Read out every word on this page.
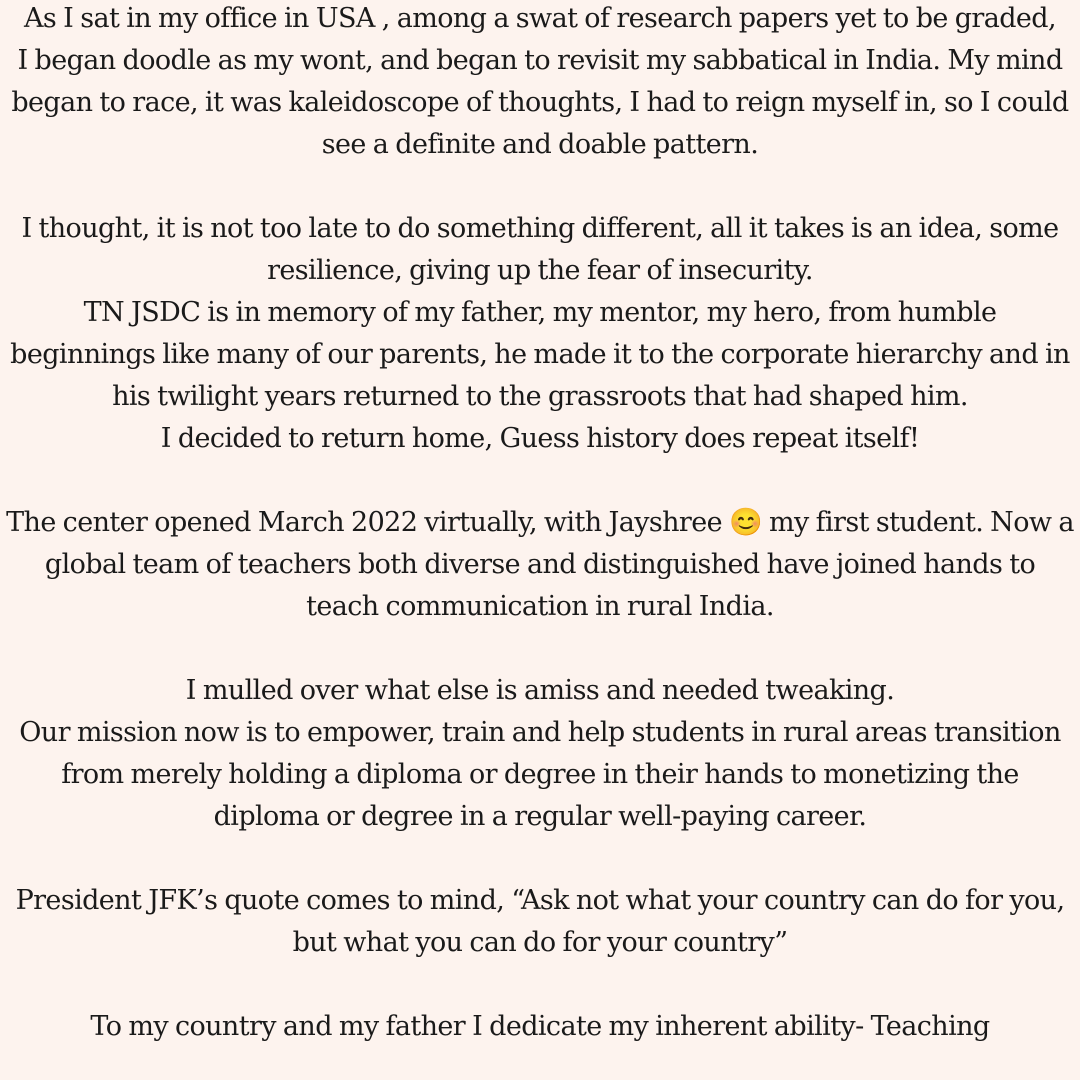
As I sat in my office in USA , among a swat of research papers yet to be graded,
I began doodle as my wont, and began to revisit my sabbatical in India. My mind
began to race, it was kaleidoscope of thoughts, I had to reign myself in, so I could
see a definite and doable pattern.
I thought, it is not too late to do something different, all it takes is an idea, some
resilience, giving up the fear of insecurity.
TN JSDC is in memory of my father, my mentor, my hero, from humble
beginnings like many of our parents, he made it to the corporate hierarchy and in
his twilight years returned to the grassroots that had shaped him.
I decided to return home, Guess history does repeat itself!
The center opened March 2022 virtually, with Jayshree 😊 my first student. Now a
global team of teachers both diverse and distinguished have joined hands to
teach communication in rural India.
I mulled over what else is amiss and needed tweaking.
Our mission now is to empower, train and help students in rural areas transition
from merely holding a diploma or degree in their hands to monetizing the
diploma or degree in a regular well-paying career.
President JFK’s quote comes to mind, “Ask not what your country can do for you,
but what you can do for your country”
To my country and my father I dedicate my inherent ability- Teaching
